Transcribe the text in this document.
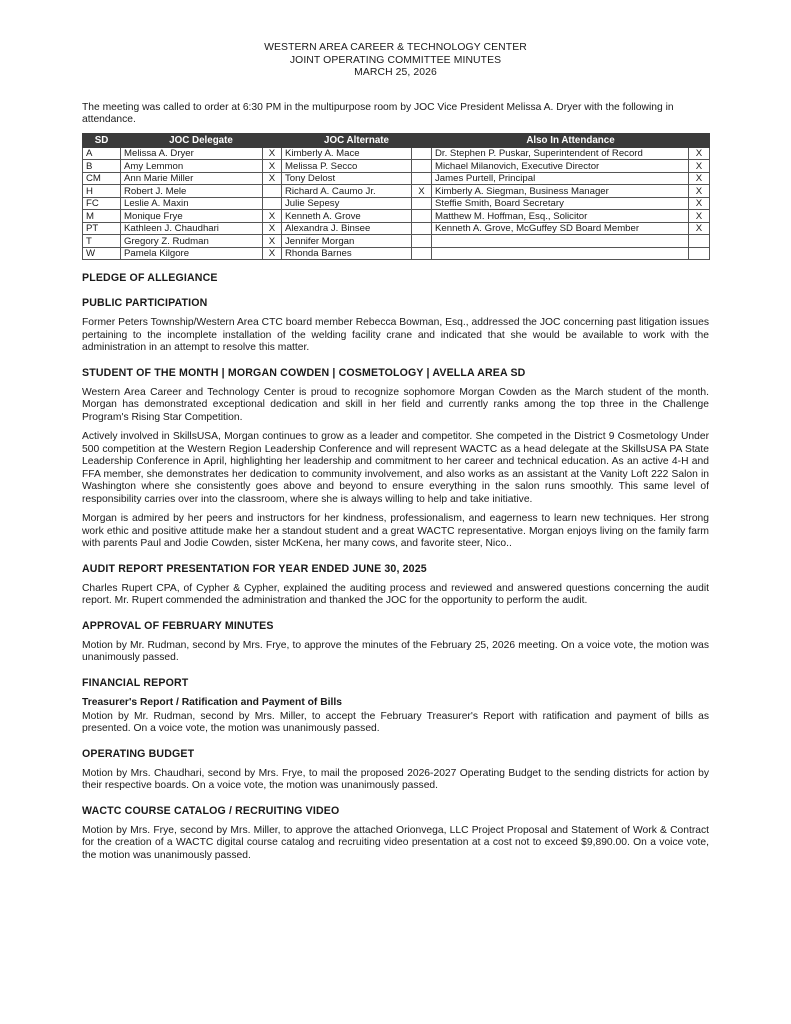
WESTERN AREA CAREER & TECHNOLOGY CENTER
JOINT OPERATING COMMITTEE MINUTES
MARCH 25, 2026

The meeting was called to order at 6:30 PM in the multipurpose room by JOC Vice President Melissa A. Dryer with the following in attendance.

SD	JOC Delegate		JOC Alternate		Also In Attendance	
A	Melissa A. Dryer	X	Kimberly A. Mace		Dr. Stephen P. Puskar, Superintendent of Record	X
B	Amy Lemmon	X	Melissa P. Secco		Michael Milanovich, Executive Director	X
CM	Ann Marie Miller	X	Tony Delost		James Purtell, Principal	X
H	Robert J. Mele		Richard A. Caumo Jr.	X	Kimberly A. Siegman, Business Manager	X
FC	Leslie A. Maxin		Julie Sepesy		Steffie Smith, Board Secretary	X
M	Monique Frye	X	Kenneth A. Grove		Matthew M. Hoffman, Esq., Solicitor	X
PT	Kathleen J. Chaudhari	X	Alexandra J. Binsee		Kenneth A. Grove, McGuffey SD Board Member	X
T	Gregory Z. Rudman	X	Jennifer Morgan			
W	Pamela Kilgore	X	Rhonda Barnes			
PLEDGE OF ALLEGIANCE
PUBLIC PARTICIPATION

Former Peters Township/Western Area CTC board member Rebecca Bowman, Esq., addressed the JOC concerning past litigation issues pertaining to the incomplete installation of the welding facility crane and indicated that she would be available to work with the administration in an attempt to resolve this matter.

STUDENT OF THE MONTH | MORGAN COWDEN | COSMETOLOGY | AVELLA AREA SD

Western Area Career and Technology Center is proud to recognize sophomore Morgan Cowden as the March student of the month. Morgan has demonstrated exceptional dedication and skill in her field and currently ranks among the top three in the Challenge Program's Rising Star Competition.

Actively involved in SkillsUSA, Morgan continues to grow as a leader and competitor. She competed in the District 9 Cosmetology Under 500 competition at the Western Region Leadership Conference and will represent WACTC as a head delegate at the SkillsUSA PA State Leadership Conference in April, highlighting her leadership and commitment to her career and technical education. As an active 4-H and FFA member, she demonstrates her dedication to community involvement, and also works as an assistant at the Vanity Loft 222 Salon in Washington where she consistently goes above and beyond to ensure everything in the salon runs smoothly. This same level of responsibility carries over into the classroom, where she is always willing to help and take initiative.

Morgan is admired by her peers and instructors for her kindness, professionalism, and eagerness to learn new techniques. Her strong work ethic and positive attitude make her a standout student and a great WACTC representative. Morgan enjoys living on the family farm with parents Paul and Jodie Cowden, sister McKena, her many cows, and favorite steer, Nico..

AUDIT REPORT PRESENTATION FOR YEAR ENDED JUNE 30, 2025

Charles Rupert CPA, of Cypher & Cypher, explained the auditing process and reviewed and answered questions concerning the audit report. Mr. Rupert commended the administration and thanked the JOC for the opportunity to perform the audit.

APPROVAL OF FEBRUARY MINUTES

Motion by Mr. Rudman, second by Mrs. Frye, to approve the minutes of the February 25, 2026 meeting. On a voice vote, the motion was unanimously passed.

FINANCIAL REPORT
Treasurer's Report / Ratification and Payment of Bills

Motion by Mr. Rudman, second by Mrs. Miller, to accept the February Treasurer's Report with ratification and payment of bills as presented. On a voice vote, the motion was unanimously passed.

OPERATING BUDGET

Motion by Mrs. Chaudhari, second by Mrs. Frye, to mail the proposed 2026-2027 Operating Budget to the sending districts for action by their respective boards. On a voice vote, the motion was unanimously passed.

WACTC COURSE CATALOG / RECRUITING VIDEO

Motion by Mrs. Frye, second by Mrs. Miller, to approve the attached Orionvega, LLC Project Proposal and Statement of Work & Contract for the creation of a WACTC digital course catalog and recruiting video presentation at a cost not to exceed $9,890.00. On a voice vote, the motion was unanimously passed.
